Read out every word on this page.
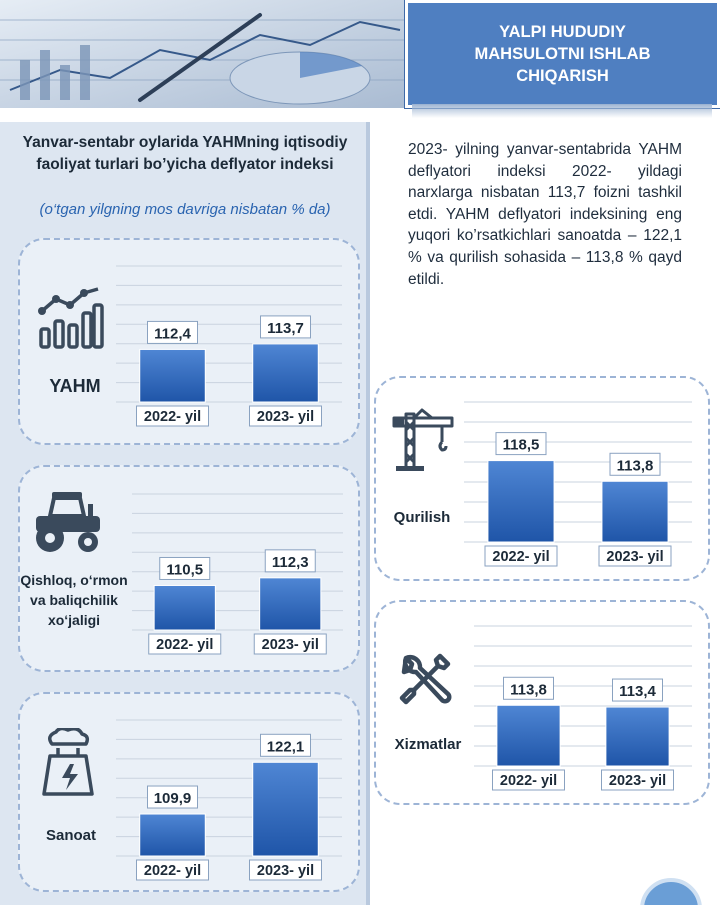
YALPI HUDUDIY MAHSULOTNI ISHLAB CHIQARISH
Yanvar-sentabr oylarida YAHMning iqtisodiy faoliyat turlari bo’yicha deflyator indeksi
(o‘tgan yilgning mos davriga nisbatan % da)
2023- yilning yanvar-sentabrida YAHM deflyatori indeksi 2022- yildagi narxlarga nisbatan 113,7 foizni tashkil etdi. YAHM deflyatori indeksining eng yuqori ko’rsatkichlari sanoatda – 122,1 % va qurilish sohasida – 113,8 % qayd etildi.
YAHM
112,4
2022- yil
113,7
2023- yil
Qishloq, o‘rmon va baliqchilik xo‘jaligi
110,5
2022- yil
112,3
2023- yil
Sanoat
109,9
2022- yil
122,1
2023- yil
Qurilish
118,5
2022- yil
113,8
2023- yil
Xizmatlar
113,8
2022- yil
113,4
2023- yil
